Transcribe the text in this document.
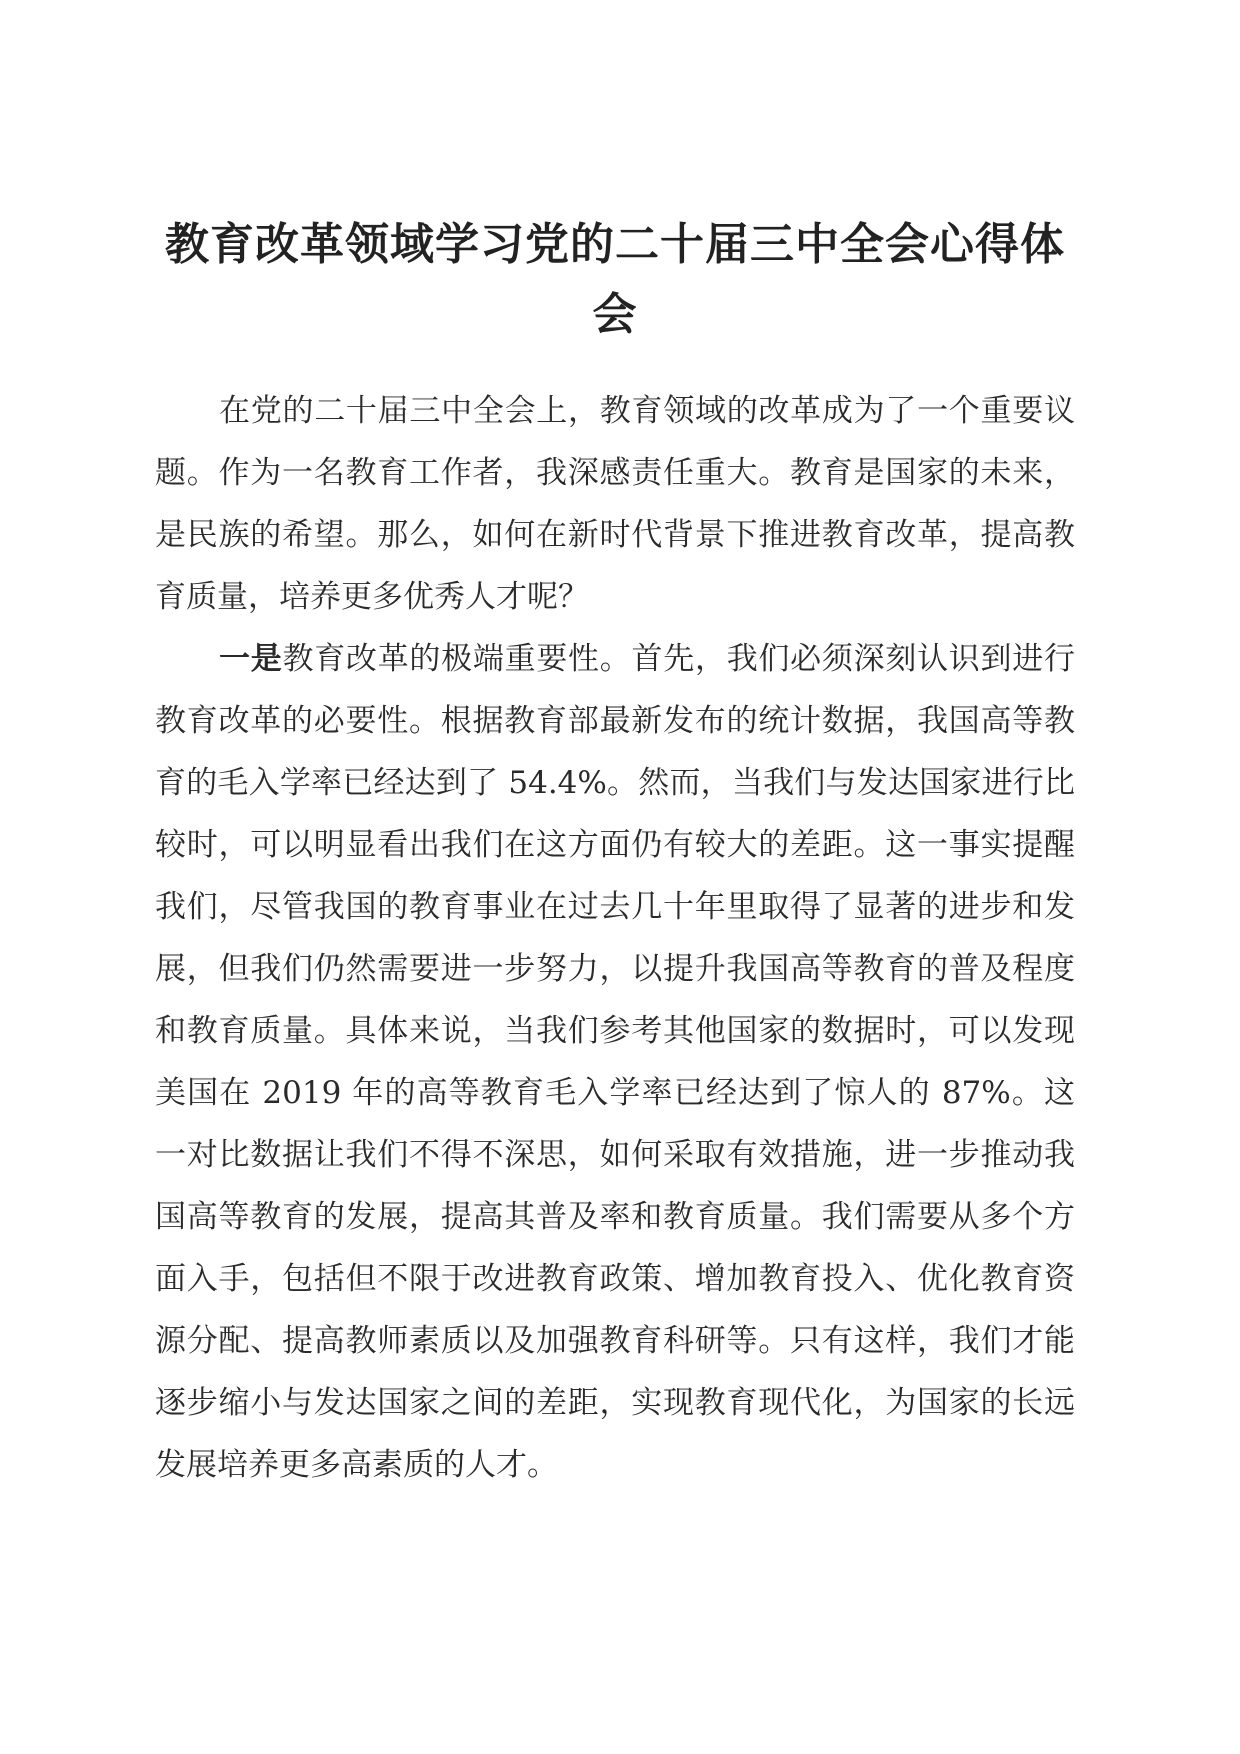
教育改革领域学习党的二十届三中全会心得体会

在党的二十届三中全会上，教育领域的改革成为了一个重要议题。作为一名教育工作者，我深感责任重大。教育是国家的未来，是民族的希望。那么，如何在新时代背景下推进教育改革，提高教育质量，培养更多优秀人才呢？

一是教育改革的极端重要性。首先，我们必须深刻认识到进行教育改革的必要性。根据教育部最新发布的统计数据，我国高等教育的毛入学率已经达到了 54.4%。然而，当我们与发达国家进行比较时，可以明显看出我们在这方面仍有较大的差距。这一事实提醒我们，尽管我国的教育事业在过去几十年里取得了显著的进步和发展，但我们仍然需要进一步努力，以提升我国高等教育的普及程度和教育质量。具体来说，当我们参考其他国家的数据时，可以发现美国在 2019 年的高等教育毛入学率已经达到了惊人的 87%。这一对比数据让我们不得不深思，如何采取有效措施，进一步推动我国高等教育的发展，提高其普及率和教育质量。我们需要从多个方面入手，包括但不限于改进教育政策、增加教育投入、优化教育资源分配、提高教师素质以及加强教育科研等。只有这样，我们才能逐步缩小与发达国家之间的差距，实现教育现代化，为国家的长远发展培养更多高素质的人才。
